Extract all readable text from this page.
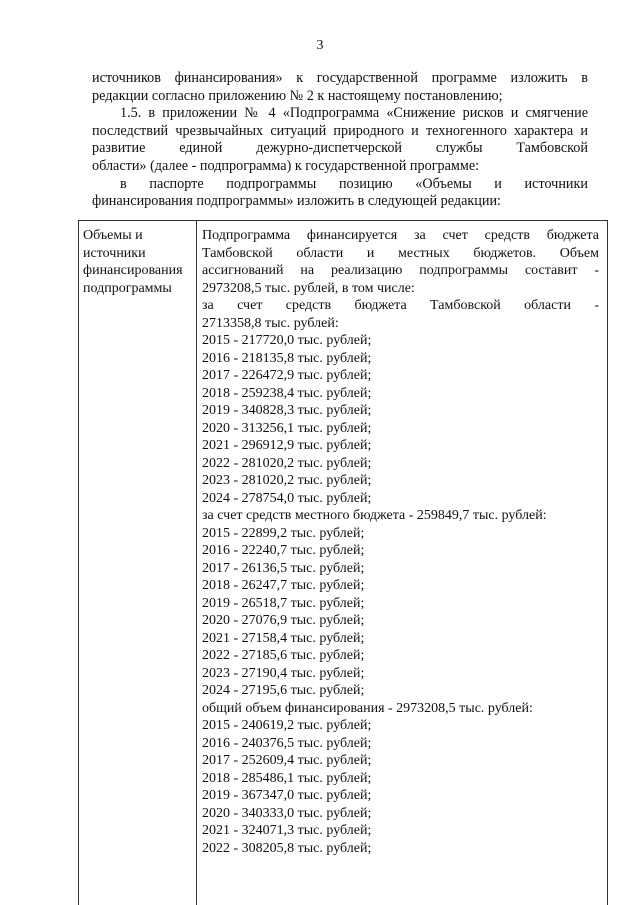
3

источников финансирования» к государственной программе изложить в

редакции согласно приложению № 2 к настоящему постановлению;

1.5. в приложении № 4 «Подпрограмма «Снижение рисков и смягчение

последствий чрезвычайных ситуаций природного и техногенного характера и

развитие единой дежурно-диспетчерской службы Тамбовской

области» (далее - подпрограмма) к государственной программе:

в паспорте подпрограммы позицию «Объемы и источники

финансирования подпрограммы» изложить в следующей редакции:

Объемы и
источники
финансирования
подпрограммы
Подпрограмма финансируется за счет средств бюджета
Тамбовской области и местных бюджетов. Объем
ассигнований на реализацию подпрограммы составит -
2973208,5 тыс. рублей, в том числе:
за счет средств бюджета Тамбовской области -
2713358,8 тыс. рублей:
2015 - 217720,0 тыс. рублей;
2016 - 218135,8 тыс. рублей;
2017 - 226472,9 тыс. рублей;
2018 - 259238,4 тыс. рублей;
2019 - 340828,3 тыс. рублей;
2020 - 313256,1 тыс. рублей;
2021 - 296912,9 тыс. рублей;
2022 - 281020,2 тыс. рублей;
2023 - 281020,2 тыс. рублей;
2024 - 278754,0 тыс. рублей;
за счет средств местного бюджета - 259849,7 тыс. рублей:
2015 - 22899,2 тыс. рублей;
2016 - 22240,7 тыс. рублей;
2017 - 26136,5 тыс. рублей;
2018 - 26247,7 тыс. рублей;
2019 - 26518,7 тыс. рублей;
2020 - 27076,9 тыс. рублей;
2021 - 27158,4 тыс. рублей;
2022 - 27185,6 тыс. рублей;
2023 - 27190,4 тыс. рублей;
2024 - 27195,6 тыс. рублей;
общий объем финансирования - 2973208,5 тыс. рублей:
2015 - 240619,2 тыс. рублей;
2016 - 240376,5 тыс. рублей;
2017 - 252609,4 тыс. рублей;
2018 - 285486,1 тыс. рублей;
2019 - 367347,0 тыс. рублей;
2020 - 340333,0 тыс. рублей;
2021 - 324071,3 тыс. рублей;
2022 - 308205,8 тыс. рублей;
